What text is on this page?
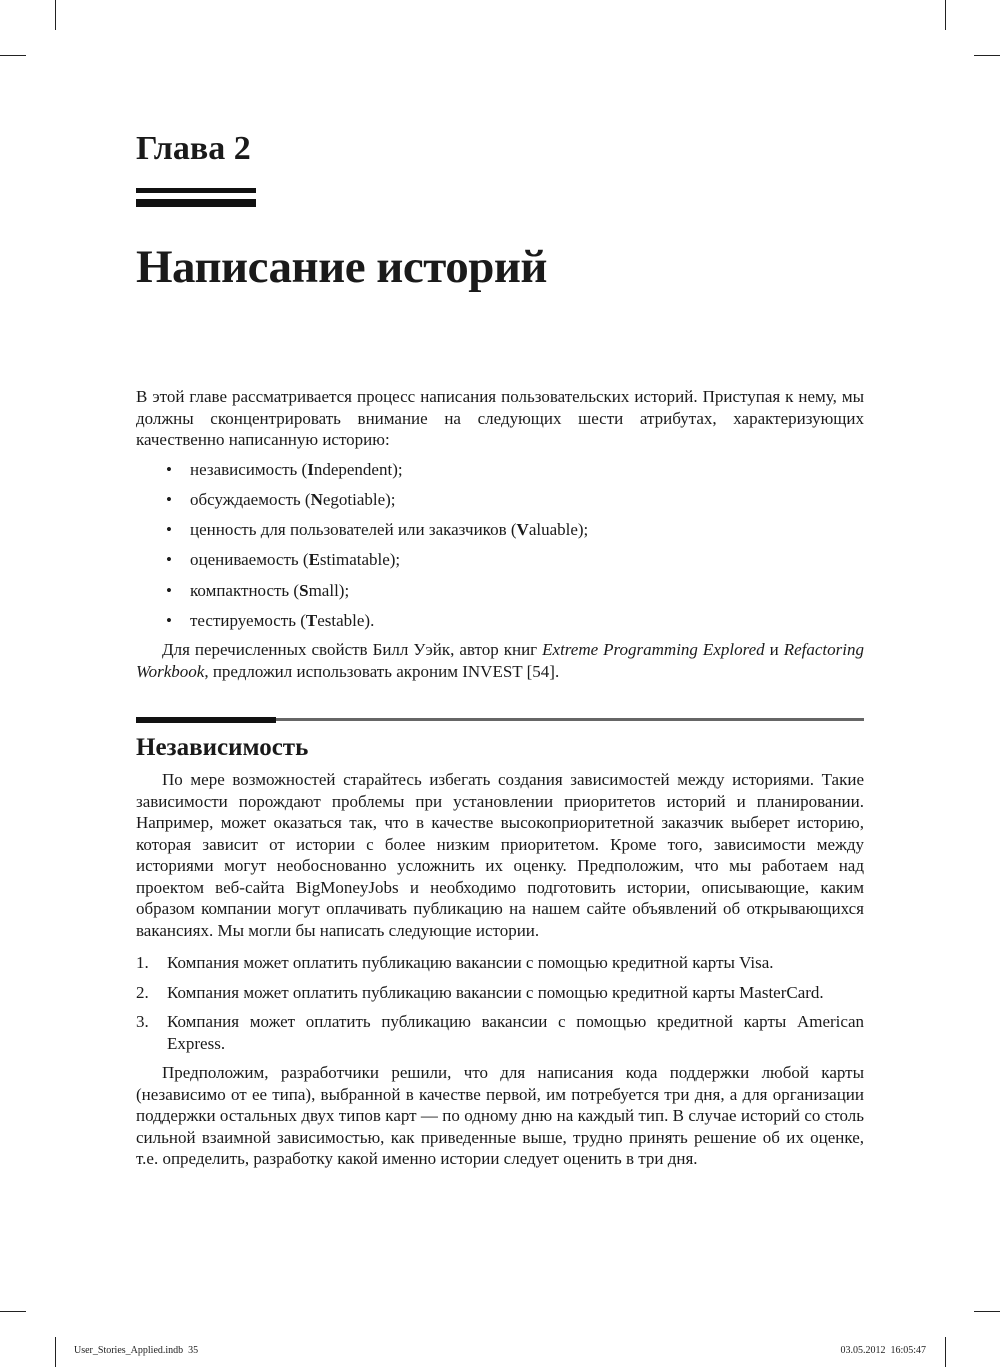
Глава 2
Написание историй

В этой главе рассматривается процесс написания пользовательских историй. Приступая к нему, мы должны сконцентрировать внимание на следующих шести атрибутах, характеризующих качественно написанную историю:

• независимость (Independent);
• обсуждаемость (Negotiable);
• ценность для пользователей или заказчиков (Valuable);
• оцениваемость (Estimatable);
• компактность (Small);
• тестируемость (Testable).

Для перечисленных свойств Билл Уэйк, автор книг Extreme Programming Explored и Refactoring Workbook, предложил использовать акроним INVEST [54].

Независимость

По мере возможностей старайтесь избегать создания зависимостей между историями. Такие зависимости порождают проблемы при установлении приоритетов историй и планировании. Например, может оказаться так, что в качестве высокоприоритетной заказчик выберет историю, которая зависит от истории с более низким приоритетом. Кроме того, зависимости между историями могут необоснованно усложнить их оценку. Предположим, что мы работаем над проектом веб-сайта BigMoneyJobs и необходимо подготовить истории, описывающие, каким образом компании могут оплачивать публикацию на нашем сайте объявлений об открывающихся вакансиях. Мы могли бы написать следующие истории.

1. Компания может оплатить публикацию вакансии с помощью кредитной карты Visa.
2. Компания может оплатить публикацию вакансии с помощью кредитной карты MasterCard.
3. Компания может оплатить публикацию вакансии с помощью кредитной карты American Express.

Предположим, разработчики решили, что для написания кода поддержки любой карты (независимо от ее типа), выбранной в качестве первой, им потребуется три дня, а для организации поддержки остальных двух типов карт — по одному дню на каждый тип. В случае историй со столь сильной взаимной зависимостью, как приведенные выше, трудно принять решение об их оценке, т.е. определить, разработку какой именно истории следует оценить в три дня.

User_Stories_Applied.indb 35	03.05.2012 16:05:47
